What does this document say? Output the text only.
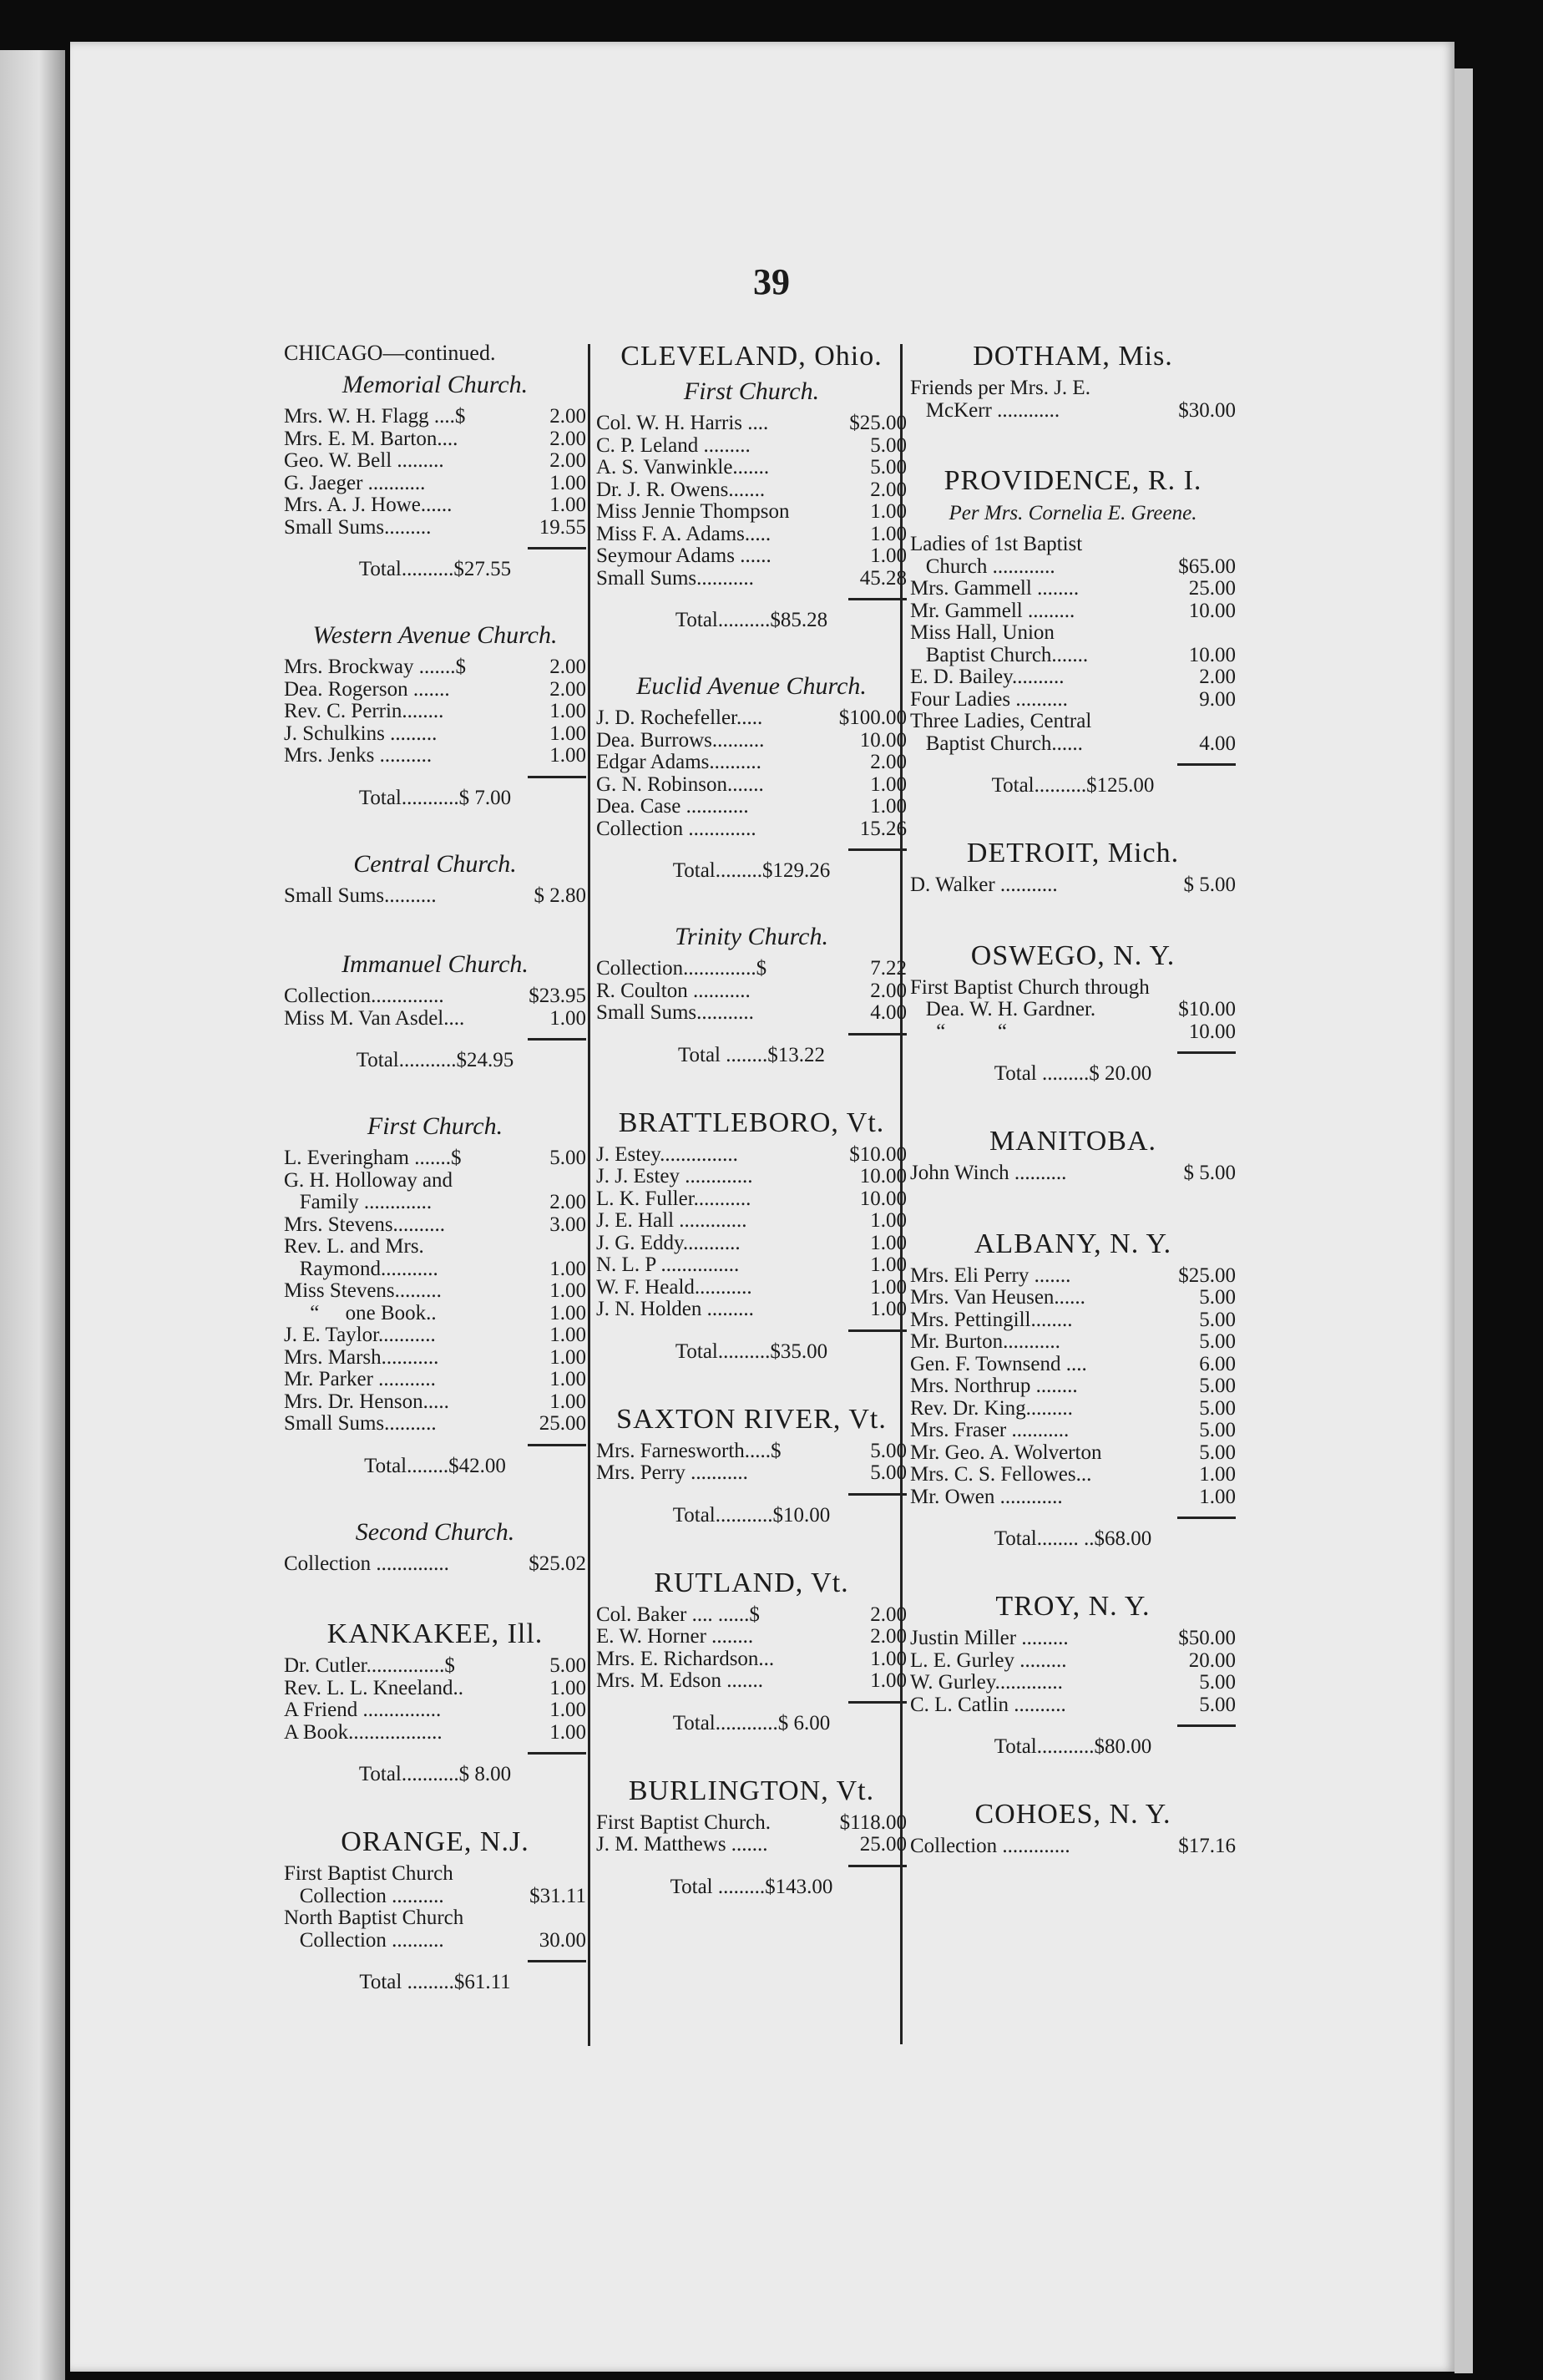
39
CHICAGO—continued.
Memorial Church.
Mrs. W. H. Flagg ....$	2.00
Mrs. E. M. Barton....	2.00
Geo. W. Bell .........	2.00
G. Jaeger ...........	1.00
Mrs. A. J. Howe......	1.00
Small Sums.........	19.55
Total..........$27.55
Western Avenue Church.
Mrs. Brockway .......$	2.00
Dea. Rogerson .......	2.00
Rev. C. Perrin........	1.00
J. Schulkins .........	1.00
Mrs. Jenks ..........	1.00
Total...........$ 7.00
Central Church.
Small Sums..........	$ 2.80
Immanuel Church.
Collection..............	$23.95
Miss M. Van Asdel....	1.00
Total...........$24.95
First Church.
L. Everingham .......$	5.00
G. H. Holloway and
Family .............	2.00
Mrs. Stevens..........	3.00
Rev. L. and Mrs.
Raymond...........	1.00
Miss Stevens.........	1.00
“     one Book..	1.00
J. E. Taylor...........	1.00
Mrs. Marsh...........	1.00
Mr. Parker ...........	1.00
Mrs. Dr. Henson.....	1.00
Small Sums..........	25.00
Total........$42.00
Second Church.
Collection ..............	$25.02
KANKAKEE, Ill.
Dr. Cutler...............$	5.00
Rev. L. L. Kneeland..	1.00
A Friend ...............	1.00
A Book..................	1.00
Total...........$ 8.00
ORANGE, N.J.
First Baptist Church
Collection ..........	$31.11
North Baptist Church
Collection ..........	30.00
Total .........$61.11
CLEVELAND, Ohio.
First Church.
Col. W. H. Harris ....	$25.00
C. P. Leland .........	5.00
A. S. Vanwinkle.......	5.00
Dr. J. R. Owens.......	2.00
Miss Jennie Thompson	1.00
Miss F. A. Adams.....	1.00
Seymour Adams ......	1.00
Small Sums...........	45.28
Total..........$85.28
Euclid Avenue Church.
J. D. Rochefeller.....	$100.00
Dea. Burrows..........	10.00
Edgar Adams..........	2.00
G. N. Robinson.......	1.00
Dea. Case ............	1.00
Collection .............	15.26
Total.........$129.26
Trinity Church.
Collection..............$	7.22
R. Coulton ...........	2.00
Small Sums...........	4.00
Total ........$13.22
BRATTLEBORO, Vt.
J. Estey...............	$10.00
J. J. Estey .............	10.00
L. K. Fuller...........	10.00
J. E. Hall .............	1.00
J. G. Eddy...........	1.00
N. L. P ...............	1.00
W. F. Heald...........	1.00
J. N. Holden .........	1.00
Total..........$35.00
SAXTON RIVER, Vt.
Mrs. Farnesworth.....$	5.00
Mrs. Perry ...........	5.00
Total...........$10.00
RUTLAND, Vt.
Col. Baker .... ......$	2.00
E. W. Horner ........	2.00
Mrs. E. Richardson...	1.00
Mrs. M. Edson .......	1.00
Total............$ 6.00
BURLINGTON, Vt.
First Baptist Church.	$118.00
J. M. Matthews .......	25.00
Total .........$143.00
DOTHAM, Mis.
Friends per Mrs. J. E.
McKerr ............	$30.00
PROVIDENCE, R. I.
Per Mrs. Cornelia E. Greene.
Ladies of 1st Baptist
Church ............	$65.00
Mrs. Gammell ........	25.00
Mr. Gammell .........	10.00
Miss Hall, Union
Baptist Church.......	10.00
E. D. Bailey..........	2.00
Four Ladies ..........	9.00
Three Ladies, Central
Baptist Church......	4.00
Total..........$125.00
DETROIT, Mich.
D. Walker ...........	$ 5.00
OSWEGO, N. Y.
First Baptist Church through
Dea. W. H. Gardner.	$10.00
“          “	10.00
Total .........$ 20.00
MANITOBA.
John Winch ..........	$ 5.00
ALBANY, N. Y.
Mrs. Eli Perry .......	$25.00
Mrs. Van Heusen......	5.00
Mrs. Pettingill........	5.00
Mr. Burton...........	5.00
Gen. F. Townsend ....	6.00
Mrs. Northrup ........	5.00
Rev. Dr. King.........	5.00
Mrs. Fraser ...........	5.00
Mr. Geo. A. Wolverton	5.00
Mrs. C. S. Fellowes...	1.00
Mr. Owen ............	1.00
Total........ ..$68.00
TROY, N. Y.
Justin Miller .........	$50.00
L. E. Gurley .........	20.00
W. Gurley.............	5.00
C. L. Catlin ..........	5.00
Total...........$80.00
COHOES, N. Y.
Collection .............	$17.16
